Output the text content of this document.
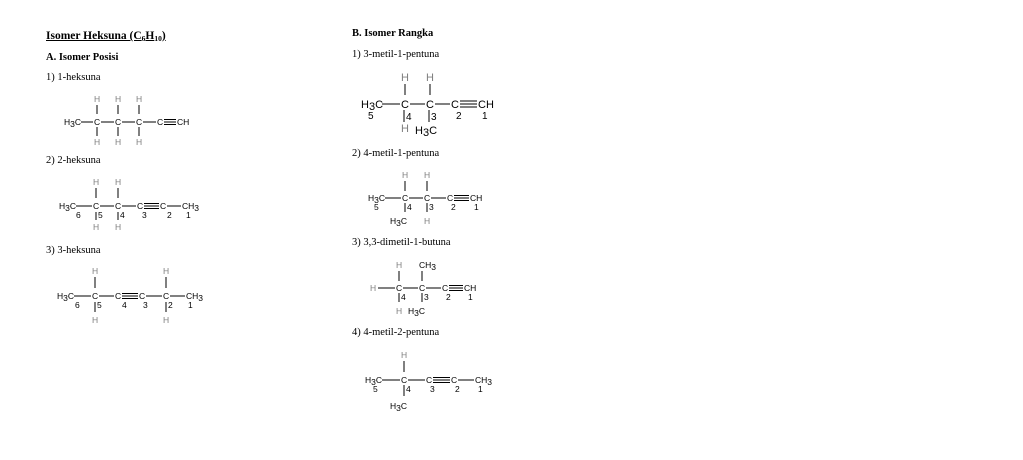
Isomer Heksuna $(C_6H_{10})$
A. Isomer Posisi
1) 1-heksuna
2) 2-heksuna
3) 3-heksuna
B. Isomer Rangka
1) 3-metil-1-pentuna
2) 4-metil-1-pentuna
3) 3,3-dimetil-1-butuna
4) 4-metil-2-pentuna
H3C C C C C CH
H
H
H
H
H
H
H3C C C C C CH3
H
H
H
H
6 5 4 3 2 1
H3C C C C C CH3
H
H
H
H
6 5 4 3 2 1
H3C C C C CH
H H
H H3C
5	4 3 2 1
H3C C C C CH
H H
5	4 3 2 1
H3C H
H C C C CH
H CH3
4 3 2 1
H H3C
H3C C C C CH3
H
5	4 3 2 1
H3C
